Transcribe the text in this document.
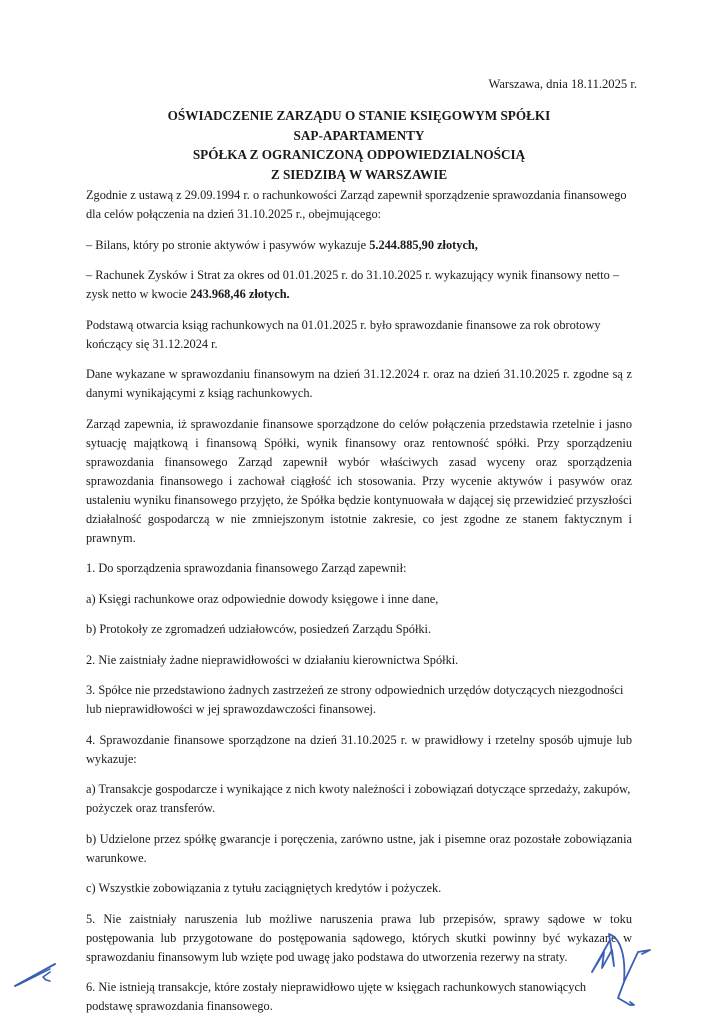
Warszawa, dnia 18.11.2025 r.
OŚWIADCZENIE ZARZĄDU O STANIE KSIĘGOWYM SPÓŁKI
SAP-APARTAMENTY
SPÓŁKA Z OGRANICZONĄ ODPOWIEDZIALNOŚCIĄ
Z SIEDZIBĄ W WARSZAWIE

Zgodnie z ustawą z 29.09.1994 r. o rachunkowości Zarząd zapewnił sporządzenie sprawozdania finansowego dla celów połączenia na dzień 31.10.2025 r., obejmującego:

– Bilans, który po stronie aktywów i pasywów wykazuje 5.244.885,90 złotych,

– Rachunek Zysków i Strat za okres od 01.01.2025 r. do 31.10.2025 r. wykazujący wynik finansowy netto – zysk netto w kwocie 243.968,46 złotych.

Podstawą otwarcia ksiąg rachunkowych na 01.01.2025 r. było sprawozdanie finansowe za rok obrotowy kończący się 31.12.2024 r.

Dane wykazane w sprawozdaniu finansowym na dzień 31.12.2024 r. oraz na dzień 31.10.2025 r. zgodne są z danymi wynikającymi z ksiąg rachunkowych.

Zarząd zapewnia, iż sprawozdanie finansowe sporządzone do celów połączenia przedstawia rzetelnie i jasno sytuację majątkową i finansową Spółki, wynik finansowy oraz rentowność spółki. Przy sporządzeniu sprawozdania finansowego Zarząd zapewnił wybór właściwych zasad wyceny oraz sporządzenia sprawozdania finansowego i zachował ciągłość ich stosowania. Przy wycenie aktywów i pasywów oraz ustaleniu wyniku finansowego przyjęto, że Spółka będzie kontynuowała w dającej się przewidzieć przyszłości działalność gospodarczą w nie zmniejszonym istotnie zakresie, co jest zgodne ze stanem faktycznym i prawnym.

1. Do sporządzenia sprawozdania finansowego Zarząd zapewnił:

a) Księgi rachunkowe oraz odpowiednie dowody księgowe i inne dane,

b) Protokoły ze zgromadzeń udziałowców, posiedzeń Zarządu Spółki.

2. Nie zaistniały żadne nieprawidłowości w działaniu kierownictwa Spółki.

3. Spółce nie przedstawiono żadnych zastrzeżeń ze strony odpowiednich urzędów dotyczących niezgodności lub nieprawidłowości w jej sprawozdawczości finansowej.

4. Sprawozdanie finansowe sporządzone na dzień 31.10.2025 r. w prawidłowy i rzetelny sposób ujmuje lub wykazuje:

a) Transakcje gospodarcze i wynikające z nich kwoty należności i zobowiązań dotyczące sprzedaży, zakupów, pożyczek oraz transferów.

b) Udzielone przez spółkę gwarancje i poręczenia, zarówno ustne, jak i pisemne oraz pozostałe zobowiązania warunkowe.

c) Wszystkie zobowiązania z tytułu zaciągniętych kredytów i pożyczek.

5. Nie zaistniały naruszenia lub możliwe naruszenia prawa lub przepisów, sprawy sądowe w toku postępowania lub przygotowane do postępowania sądowego, których skutki powinny być wykazane w sprawozdaniu finansowym lub wzięte pod uwagę jako podstawa do utworzenia rezerwy na straty.

6. Nie istnieją transakcje, które zostały nieprawidłowo ujęte w księgach rachunkowych stanowiących podstawę sprawozdania finansowego.
